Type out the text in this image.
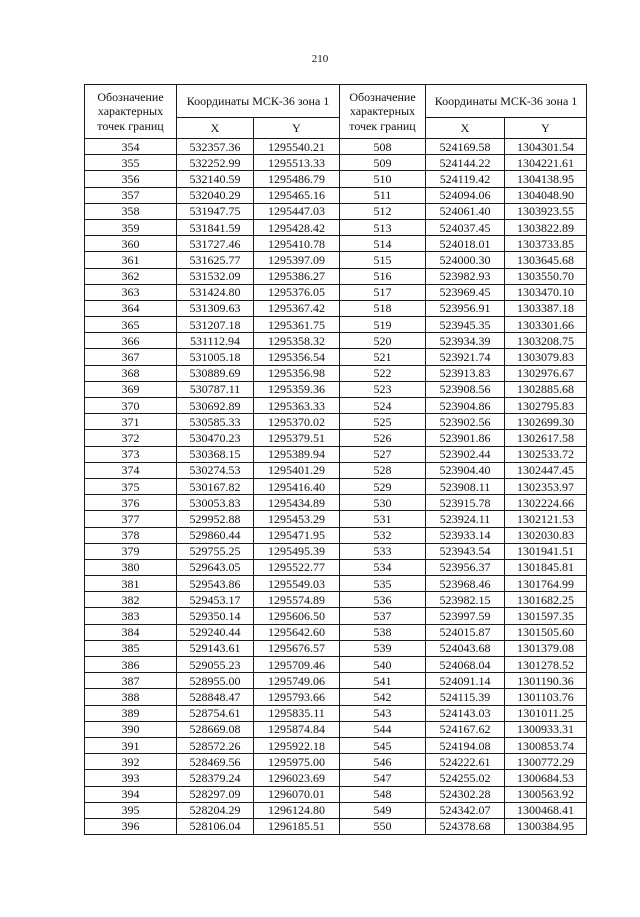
210
Обозначение характерных точек границ	Координаты МСК-36 зона 1		Обозначение характерных точек границ	Координаты МСК-36 зона 1	
	X	Y		X	Y
354	532357.36	1295540.21	508	524169.58	1304301.54
355	532252.99	1295513.33	509	524144.22	1304221.61
356	532140.59	1295486.79	510	524119.42	1304138.95
357	532040.29	1295465.16	511	524094.06	1304048.90
358	531947.75	1295447.03	512	524061.40	1303923.55
359	531841.59	1295428.42	513	524037.45	1303822.89
360	531727.46	1295410.78	514	524018.01	1303733.85
361	531625.77	1295397.09	515	524000.30	1303645.68
362	531532.09	1295386.27	516	523982.93	1303550.70
363	531424.80	1295376.05	517	523969.45	1303470.10
364	531309.63	1295367.42	518	523956.91	1303387.18
365	531207.18	1295361.75	519	523945.35	1303301.66
366	531112.94	1295358.32	520	523934.39	1303208.75
367	531005.18	1295356.54	521	523921.74	1303079.83
368	530889.69	1295356.98	522	523913.83	1302976.67
369	530787.11	1295359.36	523	523908.56	1302885.68
370	530692.89	1295363.33	524	523904.86	1302795.83
371	530585.33	1295370.02	525	523902.56	1302699.30
372	530470.23	1295379.51	526	523901.86	1302617.58
373	530368.15	1295389.94	527	523902.44	1302533.72
374	530274.53	1295401.29	528	523904.40	1302447.45
375	530167.82	1295416.40	529	523908.11	1302353.97
376	530053.83	1295434.89	530	523915.78	1302224.66
377	529952.88	1295453.29	531	523924.11	1302121.53
378	529860.44	1295471.95	532	523933.14	1302030.83
379	529755.25	1295495.39	533	523943.54	1301941.51
380	529643.05	1295522.77	534	523956.37	1301845.81
381	529543.86	1295549.03	535	523968.46	1301764.99
382	529453.17	1295574.89	536	523982.15	1301682.25
383	529350.14	1295606.50	537	523997.59	1301597.35
384	529240.44	1295642.60	538	524015.87	1301505.60
385	529143.61	1295676.57	539	524043.68	1301379.08
386	529055.23	1295709.46	540	524068.04	1301278.52
387	528955.00	1295749.06	541	524091.14	1301190.36
388	528848.47	1295793.66	542	524115.39	1301103.76
389	528754.61	1295835.11	543	524143.03	1301011.25
390	528669.08	1295874.84	544	524167.62	1300933.31
391	528572.26	1295922.18	545	524194.08	1300853.74
392	528469.56	1295975.00	546	524222.61	1300772.29
393	528379.24	1296023.69	547	524255.02	1300684.53
394	528297.09	1296070.01	548	524302.28	1300563.92
395	528204.29	1296124.80	549	524342.07	1300468.41
396	528106.04	1296185.51	550	524378.68	1300384.95
